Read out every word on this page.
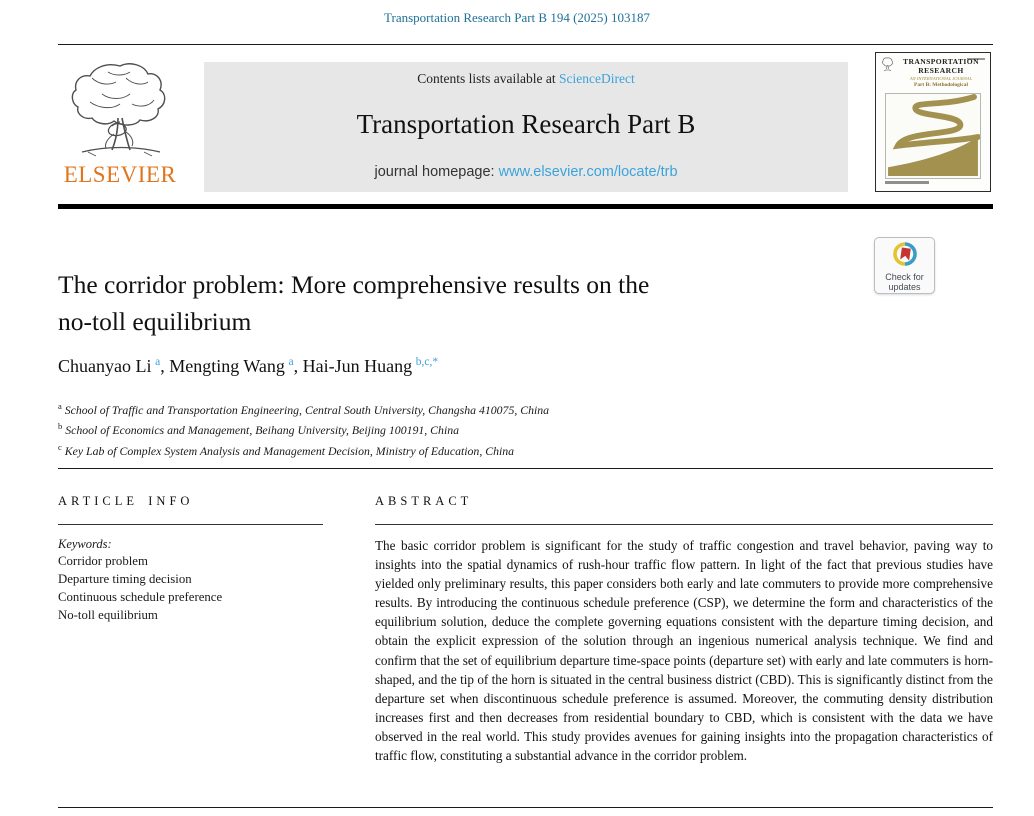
Transportation Research Part B 194 (2025) 103187
ELSEVIER
Contents lists available at ScienceDirect
Transportation Research Part B
journal homepage: www.elsevier.com/locate/trb
TRANSPORTATION
RESEARCH
AN INTERNATIONAL JOURNAL
Part B: Methodological
Check for
updates
The corridor problem: More comprehensive results on the
no-toll equilibrium
Chuanyao Li  $^a$, Mengting Wang  $^a$, Hai-Jun Huang  $^{b,c,*}$
$^a$ School of Traffic and Transportation Engineering, Central South University, Changsha 410075, China
$^b$ School of Economics and Management, Beihang University, Beijing 100191, China
$^c$ Key Lab of Complex System Analysis and Management Decision, Ministry of Education, China
ARTICLE INFO
Keywords:
Corridor problem
Departure timing decision
Continuous schedule preference
No-toll equilibrium
ABSTRACT
The basic corridor problem is significant for the study of traffic congestion and travel behavior, paving way to insights into the spatial dynamics of rush-hour traffic flow pattern. In light of the fact that previous studies have yielded only preliminary results, this paper considers both early and late commuters to provide more comprehensive results. By introducing the continuous schedule preference (CSP), we determine the form and characteristics of the equilibrium solution, deduce the complete governing equations consistent with the departure timing decision, and obtain the explicit expression of the solution through an ingenious numerical analysis technique. We find and confirm that the set of equilibrium departure time-space points (departure set) with early and late commuters is horn-shaped, and the tip of the horn is situated in the central business district (CBD). This is significantly distinct from the departure set when discontinuous schedule preference is assumed. Moreover, the commuting density distribution increases first and then decreases from residential boundary to CBD, which is consistent with the data we have observed in the real world. This study provides avenues for gaining insights into the propagation characteristics of traffic flow, constituting a substantial advance in the corridor problem.
